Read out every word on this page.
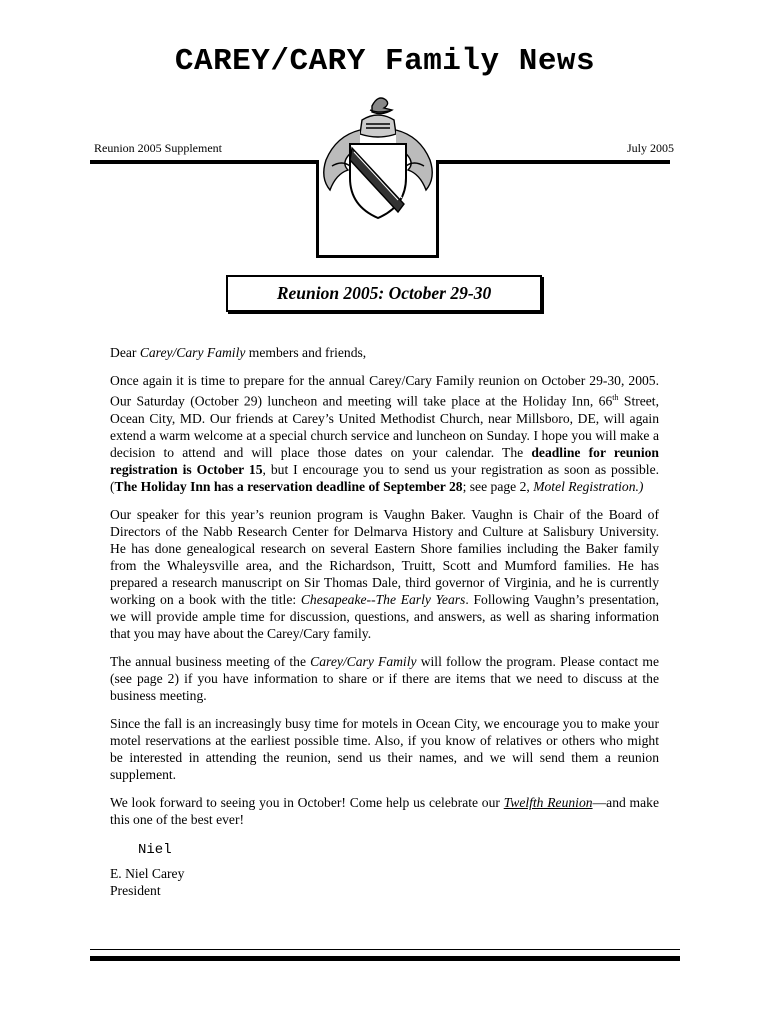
CAREY/CARY Family News
Reunion 2005 Supplement	July 2005
Reunion 2005: October 29-30

Dear Carey/Cary Family members and friends,

Once again it is time to prepare for the annual Carey/Cary Family reunion on October 29-30, 2005. Our Saturday (October 29) luncheon and meeting will take place at the Holiday Inn, 66th Street, Ocean City, MD. Our friends at Carey’s United Methodist Church, near Millsboro, DE, will again extend a warm welcome at a special church service and luncheon on Sunday. I hope you will make a decision to attend and will place those dates on your calendar. The deadline for reunion registration is October 15, but I encourage you to send us your registration as soon as possible. (The Holiday Inn has a reservation deadline of September 28; see page 2, Motel Registration.)

Our speaker for this year’s reunion program is Vaughn Baker. Vaughn is Chair of the Board of Directors of the Nabb Research Center for Delmarva History and Culture at Salisbury University. He has done genealogical research on several Eastern Shore families including the Baker family from the Whaleysville area, and the Richardson, Truitt, Scott and Mumford families. He has prepared a research manuscript on Sir Thomas Dale, third governor of Virginia, and he is currently working on a book with the title: Chesapeake--The Early Years. Following Vaughn’s presentation, we will provide ample time for discussion, questions, and answers, as well as sharing information that you may have about the Carey/Cary family.

The annual business meeting of the Carey/Cary Family will follow the program. Please contact me (see page 2) if you have information to share or if there are items that we need to discuss at the business meeting.

Since the fall is an increasingly busy time for motels in Ocean City, we encourage you to make your motel reservations at the earliest possible time. Also, if you know of relatives or others who might be interested in attending the reunion, send us their names, and we will send them a reunion supplement.

We look forward to seeing you in October! Come help us celebrate our Twelfth Reunion—and make this one of the best ever!

Niel

E. Niel Carey

President
